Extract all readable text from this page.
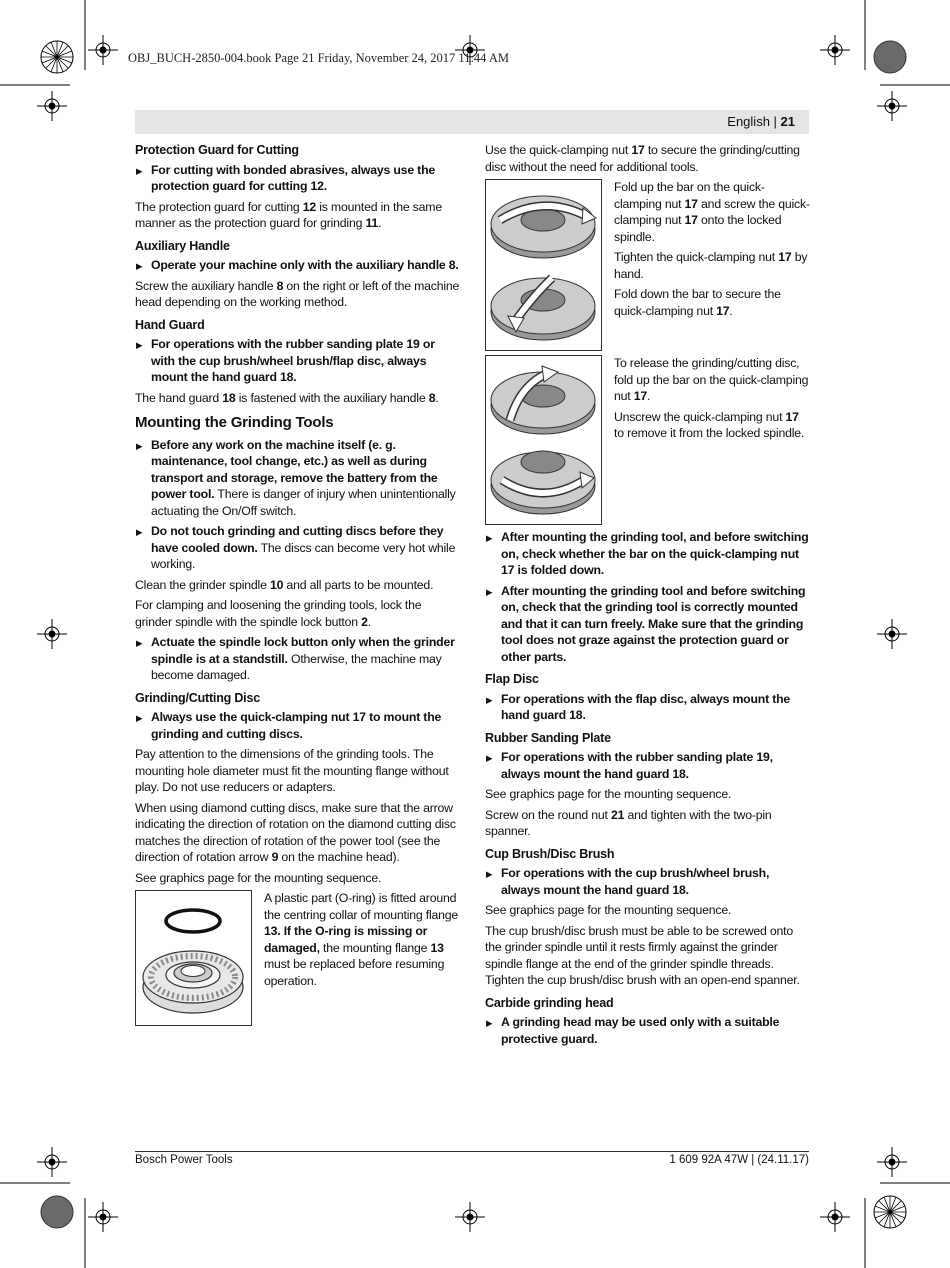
OBJ_BUCH-2850-004.book Page 21 Friday, November 24, 2017 11:44 AM
English | 21
Protection Guard for Cutting
▶ For cutting with bonded abrasives, always use the protection guard for cutting 12.

The protection guard for cutting 12 is mounted in the same manner as the protection guard for grinding 11.

Auxiliary Handle
▶ Operate your machine only with the auxiliary handle 8.

Screw the auxiliary handle 8 on the right or left of the machine head depending on the working method.

Hand Guard
▶ For operations with the rubber sanding plate 19 or with the cup brush/wheel brush/flap disc, always mount the hand guard 18.

The hand guard 18 is fastened with the auxiliary handle 8.

Mounting the Grinding Tools
▶ Before any work on the machine itself (e. g. maintenance, tool change, etc.) as well as during transport and storage, remove the battery from the power tool. There is danger of injury when unintentionally actuating the On/Off switch.
▶ Do not touch grinding and cutting discs before they have cooled down. The discs can become very hot while working.

Clean the grinder spindle 10 and all parts to be mounted.

For clamping and loosening the grinding tools, lock the grinder spindle with the spindle lock button 2.

▶ Actuate the spindle lock button only when the grinder spindle is at a standstill. Otherwise, the machine may become damaged.
Grinding/Cutting Disc
▶ Always use the quick-clamping nut 17 to mount the grinding and cutting discs.

Pay attention to the dimensions of the grinding tools. The mounting hole diameter must fit the mounting flange without play. Do not use reducers or adapters.

When using diamond cutting discs, make sure that the arrow indicating the direction of rotation on the diamond cutting disc matches the direction of rotation of the power tool (see the direction of rotation arrow 9 on the machine head).

See graphics page for the mounting sequence.

A plastic part (O-ring) is fitted around the centring collar of mounting flange 13. If the O-ring is missing or damaged, the mounting flange 13 must be replaced before resuming operation.

Use the quick-clamping nut 17 to secure the grinding/cutting disc without the need for additional tools.

Fold up the bar on the quick-clamping nut 17 and screw the quick-clamping nut 17 onto the locked spindle.

Tighten the quick-clamping nut 17 by hand.

Fold down the bar to secure the quick-clamping nut 17.

To release the grinding/cutting disc, fold up the bar on the quick-clamping nut 17.

Unscrew the quick-clamping nut 17 to remove it from the locked spindle.

▶ After mounting the grinding tool, and before switching on, check whether the bar on the quick-clamping nut 17 is folded down.
▶ After mounting the grinding tool and before switching on, check that the grinding tool is correctly mounted and that it can turn freely. Make sure that the grinding tool does not graze against the protection guard or other parts.
Flap Disc
▶ For operations with the flap disc, always mount the hand guard 18.
Rubber Sanding Plate
▶ For operations with the rubber sanding plate 19, always mount the hand guard 18.

See graphics page for the mounting sequence.

Screw on the round nut 21 and tighten with the two-pin spanner.

Cup Brush/Disc Brush
▶ For operations with the cup brush/wheel brush, always mount the hand guard 18.

See graphics page for the mounting sequence.

The cup brush/disc brush must be able to be screwed onto the grinder spindle until it rests firmly against the grinder spindle flange at the end of the grinder spindle threads. Tighten the cup brush/disc brush with an open-end spanner.

Carbide grinding head
▶ A grinding head may be used only with a suitable protective guard.
Bosch Power Tools	1 609 92A 47W | (24.11.17)
